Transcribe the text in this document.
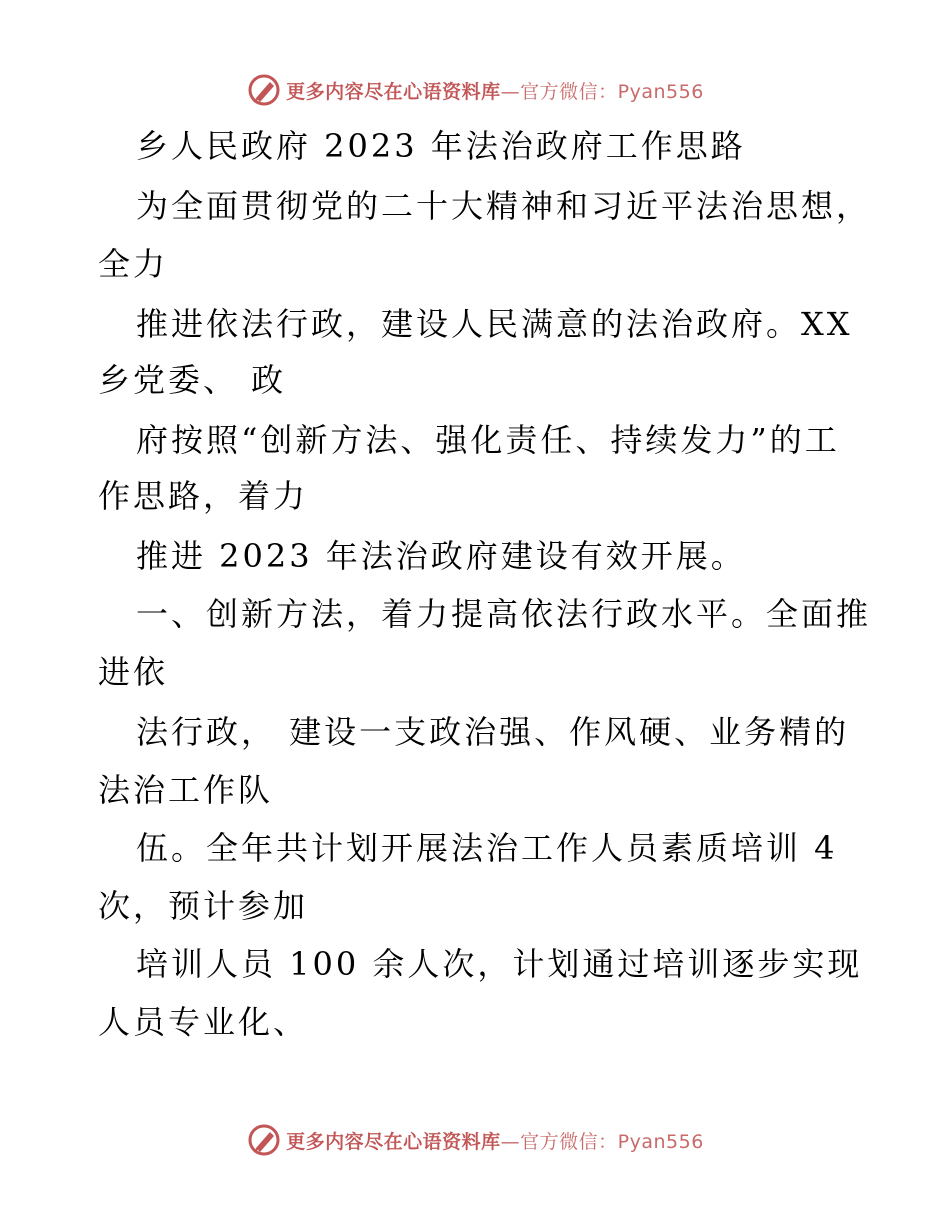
更多内容尽在心语资料库—官方微信：Pyan556
乡人民政府 2023 年法治政府工作思路
为全面贯彻党的二十大精神和习近平法治思想，
全力
推进依法行政，建设人民满意的法治政府。XX
乡党委、 政
府按照“创新方法、强化责任、持续发力”的工
作思路，着力
推进 2023 年法治政府建设有效开展。
一、创新方法，着力提高依法行政水平。全面推
进依
法行政， 建设一支政治强、作风硬、业务精的
法治工作队
伍。全年共计划开展法治工作人员素质培训 4
次，预计参加
培训人员 100 余人次，计划通过培训逐步实现
人员专业化、
更多内容尽在心语资料库—官方微信：Pyan556
